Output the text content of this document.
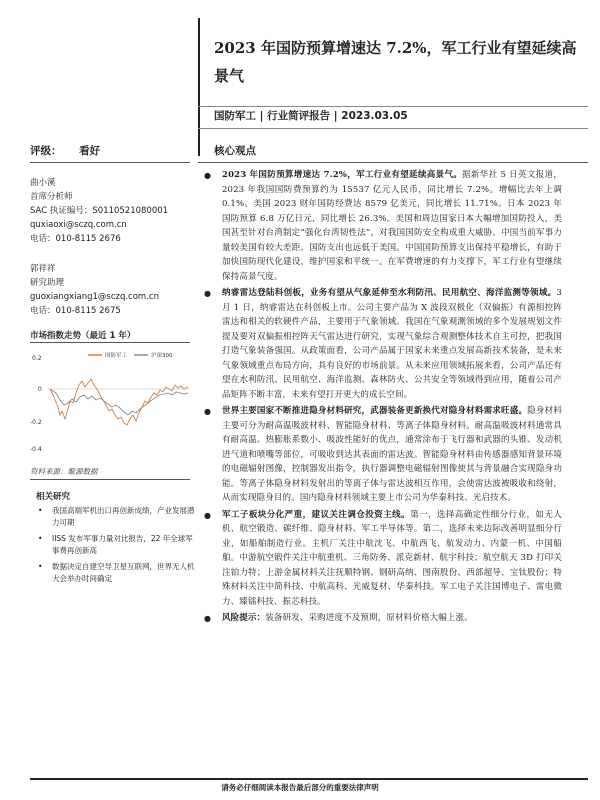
2023 年国防预算增速达 7.2%，军工行业有望延续高景气
国防军工 | 行业简评报告 | 2023.03.05
评级： 看好
曲小溪
首席分析师
SAC 执证编号：S0110521080001
quxiaoxi@sczq.com.cn
电话：010-8115 2676
郭祥祥
研究助理
guoxiangxiang1@sczq.com.cn
电话：010-8115 2675
市场指数走势（最近 1 年）
0.2
0
-0.2
-0.4
国防军工	沪深300
资料来源：聚源数据
相关研究
• 我国高端军机出口再创新成绩，产业发展潜力可期
• IISS 发布军事力量对比报告，22 年全球军事费再创新高
• 数据决定自建空导卫星互联网，世界无人机大会举办时间确定
核心观点
● 2023 年国防预算增速达 7.2%，军工行业有望延续高景气。据新华社 5 日英文报道，2023 年我国国防费预算约为 15537 亿元人民币，同比增长 7.2%。增幅比去年上调 0.1%。美国 2023 财年国防经费达 8579 亿美元，同比增长 11.71%。日本 2023 年国防预算 6.8 万亿日元，同比增长 26.3%。美国和周边国家日本大幅增加国防投入，美国甚至针对台湾制定“强化台湾韧性法”，对我国国防安全构成重大威胁。中国当前军事力量较美国有较大差距，国防支出也远低于美国。中国国防预算支出保持平稳增长，有助于加快国防现代化建设，维护国家和平统一。在军费增速的有力支撑下，军工行业有望继续保持高景气度。
● 纳睿雷达登陆科创板，业务有望从气象延伸至水利防汛、民用航空、海洋监测等领域。3 月 1 日，纳睿雷达在科创板上市。公司主要产品为 X 波段双极化（双偏振）有源相控阵雷达和相关的软硬件产品，主要用于气象领域。我国在气象观测领域的多个发展规划文件提及要对双偏振相控阵天气雷达进行研究，实现气象综合观测整体技术自主可控，把我国打造气象装备强国。从政策面看，公司产品属于国家未来重点发展高新技术装备，是未来气象领域重点布局方向，具有良好的市场前景。从未来应用领域拓展来看，公司产品还有望在水利防汛、民用航空、海洋监测、森林防火、公共安全等领域得到应用，随着公司产品矩阵不断丰富，未来有望打开更大的成长空间。
● 世界主要国家不断推进隐身材料研究，武器装备更新换代对隐身材料需求旺盛。隐身材料主要可分为耐高温吸波材料、智能隐身材料、等离子体隐身材料。耐高温吸波材料通常具有耐高温、热膨胀系数小、吸波性能好的优点，通常涂布于飞行器和武器的头锥、发动机进气道和喷嘴等部位，可吸收到达其表面的雷达波。智能隐身材料由传感器感知背景环境的电磁辐射图像，控制器发出指令，执行器调整电磁辐射图像使其与背景融合实现隐身功能。等离子体隐身材料发射出的等离子体与雷达波相互作用，会使雷达波被吸收和绕射，从而实现隐身目的。国内隐身材料领域主要上市公司为华秦科技、光启技术。
● 军工子板块分化严重，建议关注调仓投资主线。第一，选择高确定性细分行业，如无人机、航空锻造、碳纤维、隐身材料、军工半导体等。第二，选择未来边际改善明显细分行业，如船舶制造行业。主机厂关注中航沈飞、中航西飞、航发动力、内蒙一机、中国船舶。中游航空锻件关注中航重机、三角防务、派克新材、航宇科技；航空航天 3D 打印关注铂力特；上游金属材料关注抚顺特钢、钢研高纳、图南股份、西部超导、宝钛股份；特殊材料关注中简科技、中航高科、光威复材、华秦科技。军工电子关注国博电子、雷电微力、臻镭科技、振芯科技。
● 风险提示：装备研发、采购进度不及预期，原材料价格大幅上涨。
请务必仔细阅读本报告最后部分的重要法律声明
